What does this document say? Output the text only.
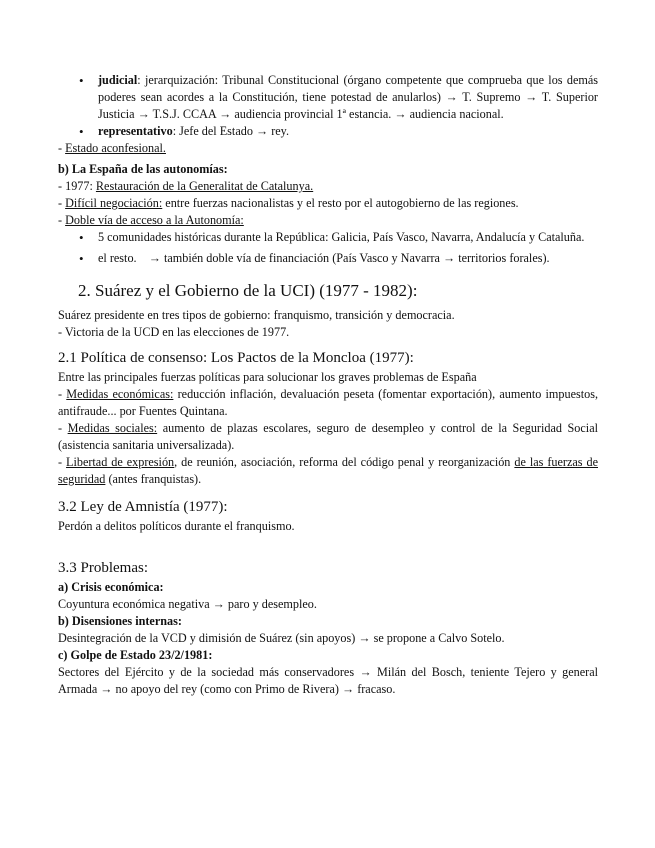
• judicial: jerarquización: Tribunal Constitucional (órgano competente que comprueba que los demás poderes sean acordes a la Constitución, tiene potestad de anularlos) → T. Supremo → T. Superior Justicia → T.S.J. CCAA → audiencia provincial 1ª estancia. → audiencia nacional.
• representativo: Jefe del Estado → rey.

- Estado aconfesional.

b) La España de las autonomías:

- 1977: Restauración de la Generalitat de Catalunya.

- Difícil negociación: entre fuerzas nacionalistas y el resto por el autogobierno de las regiones.

- Doble vía de acceso a la Autonomía:

• 5 comunidades históricas durante la República: Galicia, País Vasco, Navarra, Andalucía y Cataluña.
• el resto.    → también doble vía de financiación (País Vasco y Navarra → territorios forales).
2. Suárez y el Gobierno de la UCI) (1977 - 1982):

Suárez presidente en tres tipos de gobierno: franquismo, transición y democracia.

- Victoria de la UCD en las elecciones de 1977.

2.1 Política de consenso: Los Pactos de la Moncloa (1977):

Entre las principales fuerzas políticas para solucionar los graves problemas de España

- Medidas económicas: reducción inflación, devaluación peseta (fomentar exportación), aumento impuestos, antifraude... por Fuentes Quintana.

- Medidas sociales: aumento de plazas escolares, seguro de desempleo y control de la Seguridad Social (asistencia sanitaria universalizada).

- Libertad de expresión, de reunión, asociación, reforma del código penal y reorganización de las fuerzas de seguridad (antes franquistas).

3.2 Ley de Amnistía (1977):

Perdón a delitos políticos durante el franquismo.

3.3 Problemas:

a) Crisis económica:

Coyuntura económica negativa → paro y desempleo.

b) Disensiones internas:

Desintegración de la VCD y dimisión de Suárez (sin apoyos) → se propone a Calvo Sotelo.

c) Golpe de Estado 23/2/1981:

Sectores del Ejército y de la sociedad más conservadores → Milán del Bosch, teniente Tejero y general Armada → no apoyo del rey (como con Primo de Rivera) → fracaso.
